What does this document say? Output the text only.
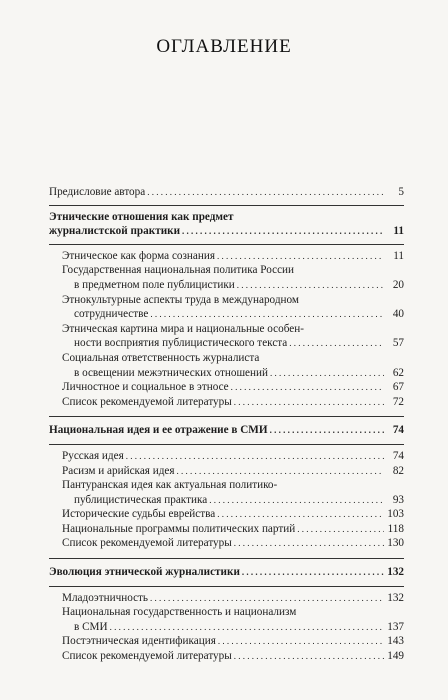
ОГЛАВЛЕНИЕ
Предисловие автора . . .	5
Этнические отношения как предмет
журналистской практики . . .	11
Этническое как форма сознания . . .	11
Государственная национальная политика России
в предметном поле публицистики . . .	20
Этнокультурные аспекты труда в международном
сотрудничестве . . .	40
Этническая картина мира и национальные особен-
ности восприятия публицистического текста . . .	57
Социальная ответственность журналиста
в освещении межэтнических отношений . . .	62
Личностное и социальное в этносе . . .	67
Список рекомендуемой литературы . . .	72
Национальная идея и ее отражение в СМИ . . .	74
Русская идея . . .	74
Расизм и арийская идея . . .	82
Пантуранская идея как актуальная политико-
публицистическая практика . . .	93
Исторические судьбы еврейства . . .	103
Национальные программы политических партий . . .	118
Список рекомендуемой литературы . . .	130
Эволюция этнической журналистики . . .	132
Младоэтничность . . .	132
Национальная государственность и национализм
в СМИ . . .	137
Постэтническая идентификация . . .	143
Список рекомендуемой литературы . . .	149
